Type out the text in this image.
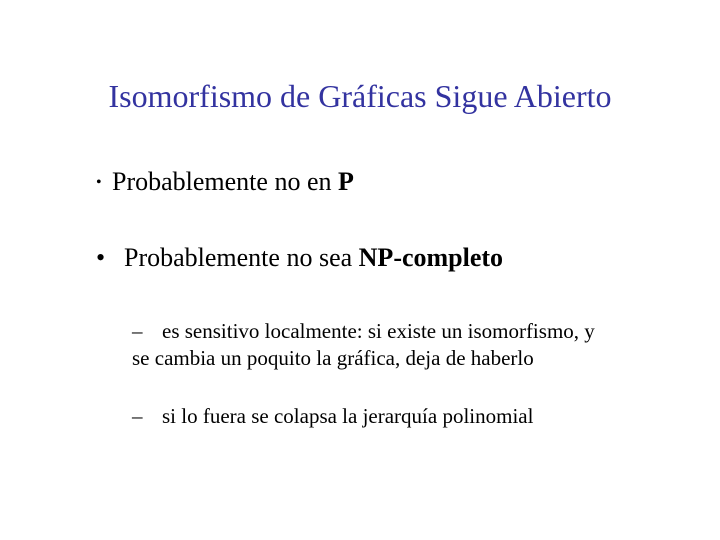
Isomorfismo de Gráficas Sigue Abierto
• Probablemente no en P
• Probablemente no sea NP-completo
– es sensitivo localmente: si existe un isomorfismo, y
se cambia un poquito la gráfica, deja de haberlo
– si lo fuera se colapsa la jerarquía polinomial
